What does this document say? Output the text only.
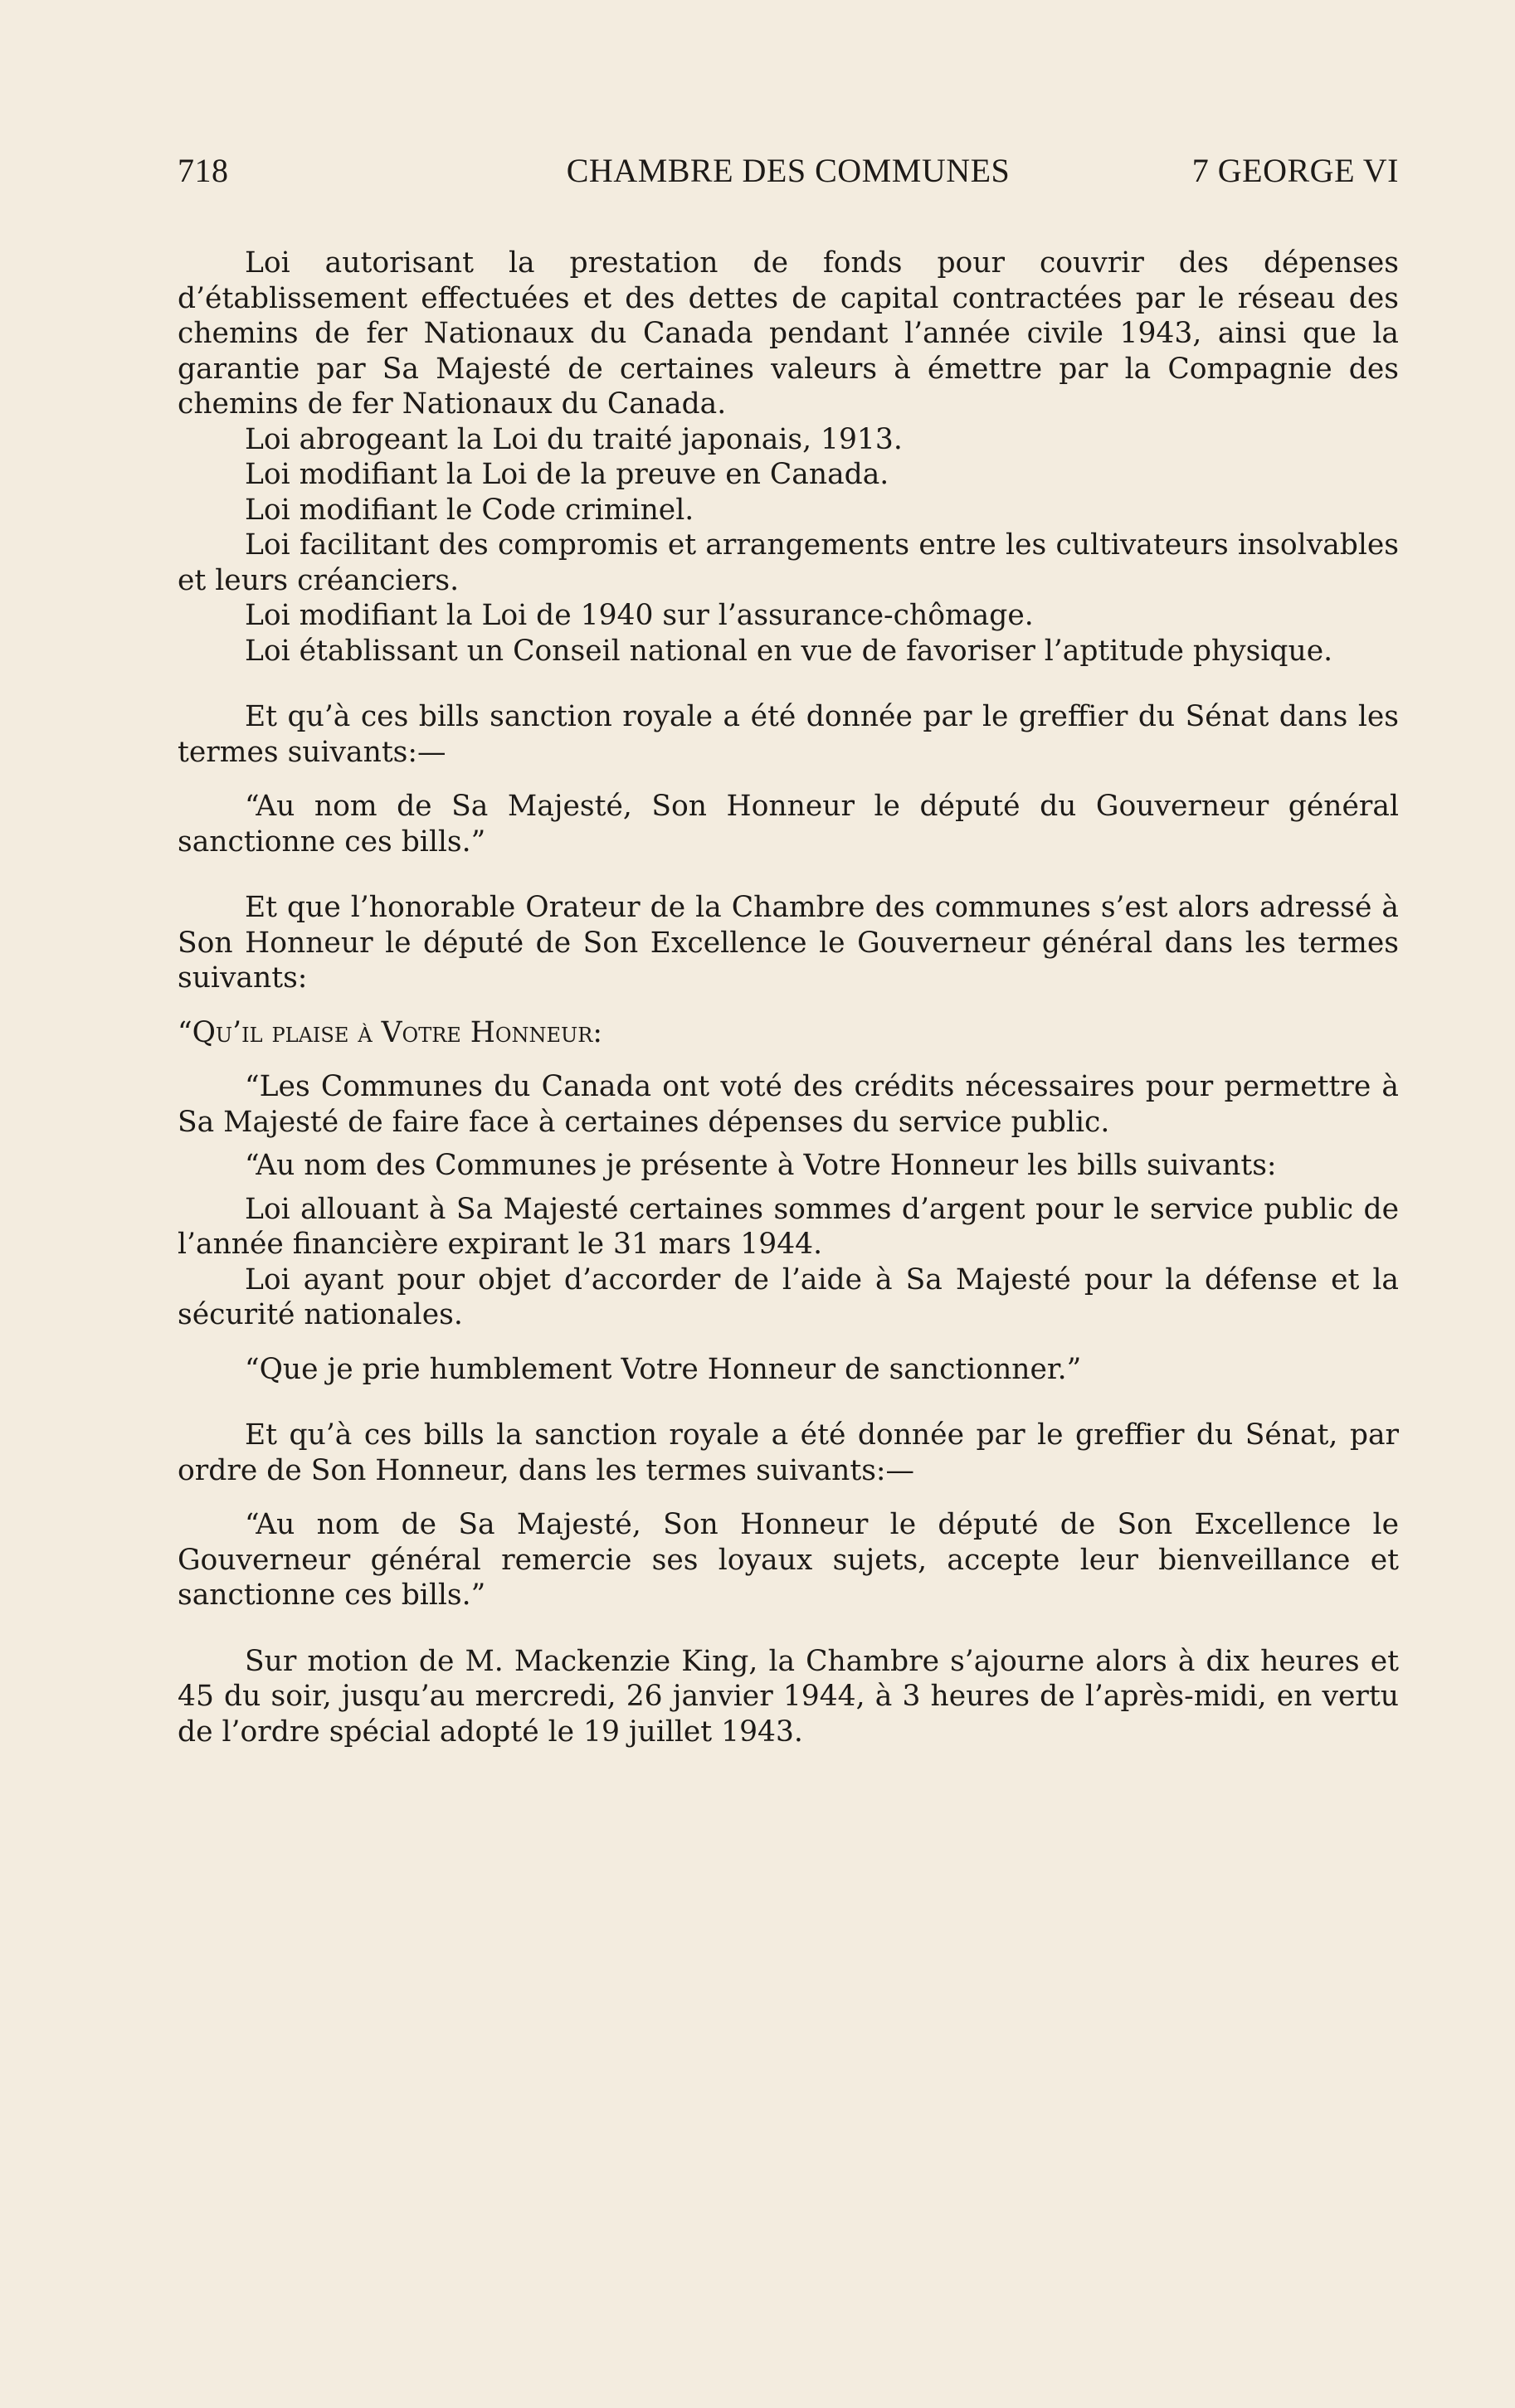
718	CHAMBRE DES COMMUNES	7 GEORGE VI

Loi autorisant la prestation de fonds pour couvrir des dépenses d’établissement effectuées et des dettes de capital contractées par le réseau des chemins de fer Nationaux du Canada pendant l’année civile 1943, ainsi que la garantie par Sa Majesté de certaines valeurs à émettre par la Compagnie des chemins de fer Nationaux du Canada.

Loi abrogeant la Loi du traité japonais, 1913.

Loi modifiant la Loi de la preuve en Canada.

Loi modifiant le Code criminel.

Loi facilitant des compromis et arrangements entre les cultivateurs insolvables et leurs créanciers.

Loi modifiant la Loi de 1940 sur l’assurance-chômage.

Loi établissant un Conseil national en vue de favoriser l’aptitude physique.

Et qu’à ces bills sanction royale a été donnée par le greffier du Sénat dans les termes suivants:—

“Au nom de Sa Majesté, Son Honneur le député du Gouverneur général sanctionne ces bills.”

Et que l’honorable Orateur de la Chambre des communes s’est alors adressé à Son Honneur le député de Son Excellence le Gouverneur général dans les termes suivants:

“Qu’il plaise à Votre Honneur:

“Les Communes du Canada ont voté des crédits nécessaires pour permettre à Sa Majesté de faire face à certaines dépenses du service public.

“Au nom des Communes je présente à Votre Honneur les bills suivants:

Loi allouant à Sa Majesté certaines sommes d’argent pour le service public de l’année financière expirant le 31 mars 1944.

Loi ayant pour objet d’accorder de l’aide à Sa Majesté pour la défense et la sécurité nationales.

“Que je prie humblement Votre Honneur de sanctionner.”

Et qu’à ces bills la sanction royale a été donnée par le greffier du Sénat, par ordre de Son Honneur, dans les termes suivants:—

“Au nom de Sa Majesté, Son Honneur le député de Son Excellence le Gouverneur général remercie ses loyaux sujets, accepte leur bienveillance et sanctionne ces bills.”

Sur motion de M. Mackenzie King, la Chambre s’ajourne alors à dix heures et 45 du soir, jusqu’au mercredi, 26 janvier 1944, à 3 heures de l’après-midi, en vertu de l’ordre spécial adopté le 19 juillet 1943.
